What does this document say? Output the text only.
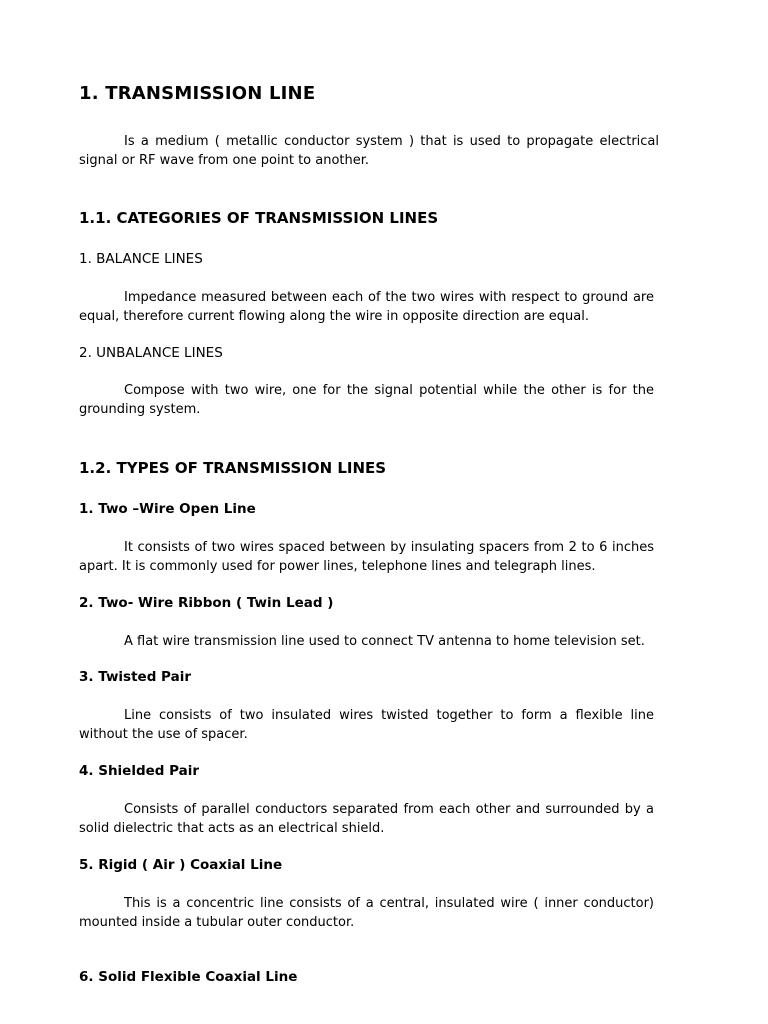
1. TRANSMISSION LINE
Is a medium ( metallic conductor system ) that is used to propagate electrical signal or RF wave from one point to another.
1.1. CATEGORIES OF TRANSMISSION LINES
1. BALANCE LINES
Impedance measured between each of the two wires with respect to ground are equal, therefore current flowing along the wire in opposite direction are equal.
2. UNBALANCE LINES
Compose with two wire, one for the signal potential while the other is for the grounding system.
1.2. TYPES OF TRANSMISSION LINES
1. Two –Wire Open Line
It consists of two wires spaced between by insulating spacers from 2 to 6 inches apart. It is commonly used for power lines, telephone lines and telegraph lines.
2. Two- Wire Ribbon ( Twin Lead )
A flat wire transmission line used to connect TV antenna to home television set.
3. Twisted Pair
Line consists of two insulated wires twisted together to form a flexible line without the use of spacer.
4. Shielded Pair
Consists of parallel conductors separated from each other and surrounded by a solid dielectric that acts as an electrical shield.
5. Rigid ( Air ) Coaxial Line
This is a concentric line consists of a central, insulated wire ( inner conductor) mounted inside a tubular outer conductor.
6. Solid Flexible Coaxial Line
